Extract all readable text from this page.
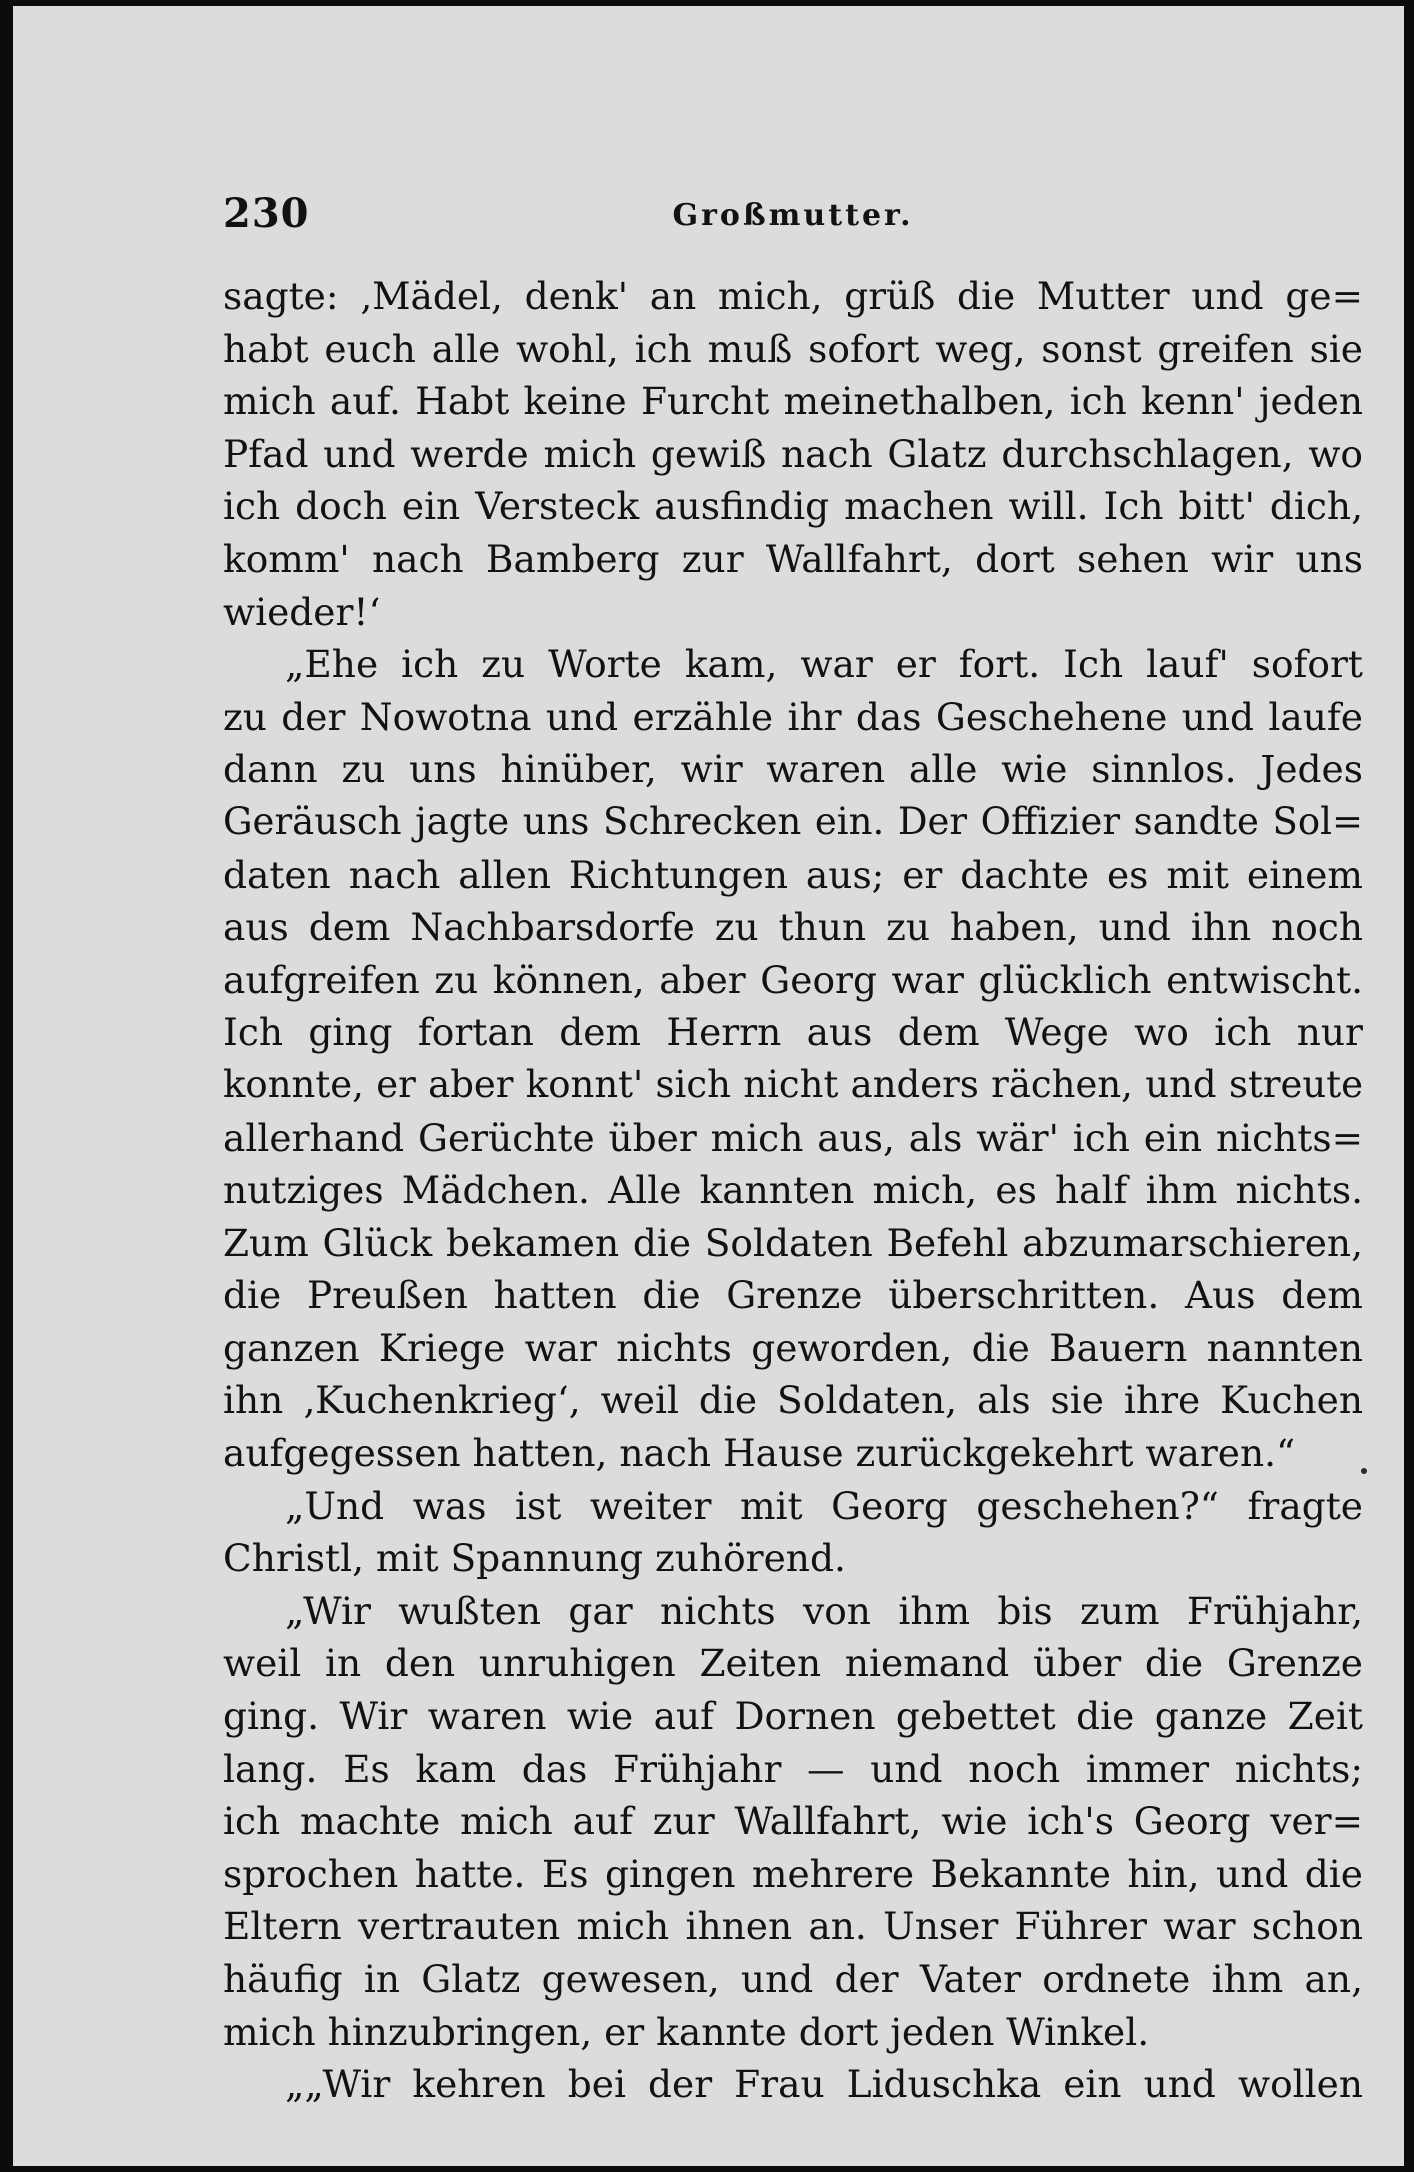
230	Großmutter.
sagte: ‚Mädel, denk' an mich, grüß die Mutter und ge=
habt euch alle wohl, ich muß sofort weg, sonst greifen sie
mich auf. Habt keine Furcht meinethalben, ich kenn' jeden
Pfad und werde mich gewiß nach Glatz durchschlagen, wo
ich doch ein Versteck ausfindig machen will. Ich bitt' dich,
komm' nach Bamberg zur Wallfahrt, dort sehen wir uns
wieder!‘
„Ehe ich zu Worte kam, war er fort. Ich lauf' sofort
zu der Nowotna und erzähle ihr das Geschehene und laufe
dann zu uns hinüber, wir waren alle wie sinnlos. Jedes
Geräusch jagte uns Schrecken ein. Der Offizier sandte Sol=
daten nach allen Richtungen aus; er dachte es mit einem
aus dem Nachbarsdorfe zu thun zu haben, und ihn noch
aufgreifen zu können, aber Georg war glücklich entwischt.
Ich ging fortan dem Herrn aus dem Wege wo ich nur
konnte, er aber konnt' sich nicht anders rächen, und streute
allerhand Gerüchte über mich aus, als wär' ich ein nichts=
nutziges Mädchen. Alle kannten mich, es half ihm nichts.
Zum Glück bekamen die Soldaten Befehl abzumarschieren,
die Preußen hatten die Grenze überschritten. Aus dem
ganzen Kriege war nichts geworden, die Bauern nannten
ihn ‚Kuchenkrieg‘, weil die Soldaten, als sie ihre Kuchen
aufgegessen hatten, nach Hause zurückgekehrt waren.“
„Und was ist weiter mit Georg geschehen?“ fragte
Christl, mit Spannung zuhörend.
„Wir wußten gar nichts von ihm bis zum Frühjahr,
weil in den unruhigen Zeiten niemand über die Grenze
ging. Wir waren wie auf Dornen gebettet die ganze Zeit
lang. Es kam das Frühjahr — und noch immer nichts;
ich machte mich auf zur Wallfahrt, wie ich's Georg ver=
sprochen hatte. Es gingen mehrere Bekannte hin, und die
Eltern vertrauten mich ihnen an. Unser Führer war schon
häufig in Glatz gewesen, und der Vater ordnete ihm an,
mich hinzubringen, er kannte dort jeden Winkel.
„„Wir kehren bei der Frau Liduschka ein und wollen
